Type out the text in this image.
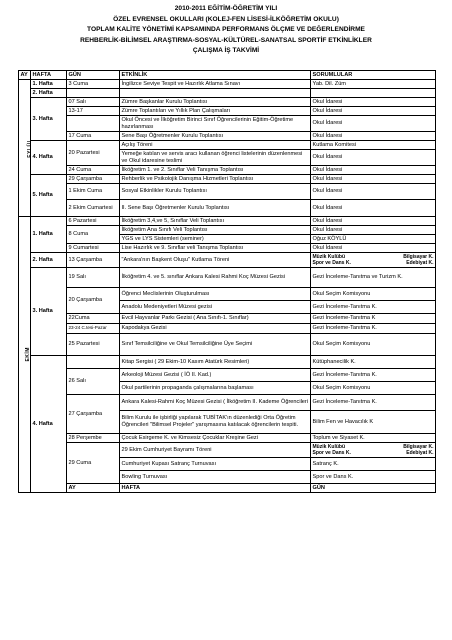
2010-2011 EĞİTİM-ÖĞRETİM YILI
ÖZEL EVRENSEL OKULLARI (KOLEJ-FEN LİSESİ-İLKÖĞRETİM OKULU)
TOPLAM KALİTE YÖNETİMİ KAPSAMINDA PERFORMANS ÖLÇME VE DEĞERLENDİRME
REHBERLİK-BİLİMSEL ARAŞTIRMA-SOSYAL-KÜLTÜREL-SANATSAL SPORTİF ETKİNLİKLER
ÇALIŞMA İŞ TAKVİMİ
AY	HAFTA	GÜN	ETKİNLİK	SORUMLULAR	
EYLÜL	1. Hafta	3 Cuma	İngilizce Seviye Tespit ve Hazırlık Atlama Sınavı	Yab. Dil. Züm	
	2. Hafta				
	3. Hafta	07 Salı	Zümre Başkanlar Kurulu Toplantısı	Okul İdaresi	
		13-17	Zümre Toplantıları ve Yıllık Plan Çalışmaları	Okul İdaresi	
			Okul Öncesi ve İlköğretim Birinci Sınıf Öğrencilerinin Eğitim-Öğretime hazırlanması	Okul İdaresi	
		17 Cuma	Sene Başı Öğretmenler Kurulu Toplantısı	Okul İdaresi	
	4. Hafta	20 Pazartesi	Açılış Töreni	Kutlama Komitesi	
			Yemeğe katılan ve servis aracı kullanan öğrenci listelerinin düzenlenmesi ve Okul idaresine teslimi	Okul İdaresi	
		24 Cuma	İlköğretim 1. ve 2. Sınıflar Veli Tanışma Toplantısı	Okul İdaresi	
	5. Hafta	29 Çarşamba	Rehberlik ve Psikolojik Danışma Hizmetleri Toplantısı	Okul İdaresi	
		1 Ekim Cuma	Sosyal Etkinlikler Kurulu Toplantısı	Okul İdaresi	
		2 Ekim Cumartesi	II. Sene Başı Öğretmenler Kurulu Toplantısı	Okul İdaresi	
EKİM	1. Hafta	6 Pazartesi	İlköğretim 3,4,ve 5, Sınıflar Veli Toplantısı	Okul İdaresi	
		8 Cuma	İlköğretim Ana Sınıfı Veli Toplantısı	Okul İdaresi	
			YGS ve LYS Sistemleri (seminer)	Oğuz KÖYLÜ	
		9 Cumartesi	Lise Hazırlık ve 9. Sınıflar veli Tanışma Toplantısı	Okul İdaresi	
	2. Hafta	13 Çarşamba	"Ankara'nın Başkent Oluşu" Kutlama Töreni	Müzik Kulübü Bilgisayar K.
Spor ve Dans K. Edebiyat K.	

	3. Hafta	19 Salı	İlköğretim 4. ve 5. sınıflar Ankara Kalesi Rahmi Koç Müzesi Gezisi	Gezi İnceleme-Tanıtma ve Turizm K.	
		20 Çarşamba	Öğrenci Meclislerinin Oluşturulması	Okul Seçim Komisyonu	
			Anadolu Medeniyetleri Müzesi gezisi	Gezi İnceleme-Tanıtma K.	
		22Cuma	Evcil Hayvanlar Parkı Gezisi ( Ana Sınıfı-1. Sınıflar)	Gezi İnceleme-Tanıtma K	
		23-24 C.tesi-Pazar	Kapodakya Gezisi	Gezi İnceleme-Tanıtma K.	
		25 Pazartesi	Sınıf Temsilciliğine ve Okul Temsilciliğine Üye Seçimi	Okul Seçim Komisyonu	
	4. Hafta		Kitap Sergisi ( 29 Ekim-10 Kasım Atatürk Resimleri)	Kütüphanecilik K.	
		26 Salı	Arkeoloji Müzesi Gezisi ( İÖ II. Kad.)	Gezi İnceleme-Tanıtma K.	
			Okul partilerinin propaganda çalışmalarına başlaması	Okul Seçim Komisyonu	
		27 Çarşamba	Ankara Kalesi-Rahmi Koç Müzesi Gezisi ( İlköğretim II. Kademe Öğrencileri	Gezi İnceleme-Tanıtma K.	
			Bilim Kurulu ile işbirliği yapılarak TUBİTAK'ın düzenlediği Orta Öğretim Öğrencileri "Bilimsel Projeler" yarışmasına katılacak öğrencilerin tespiti.	Bilim Fen ve Havacılık K	
		28 Perşembe	Çocuk Esirgeme K. ve Kimsesiz Çocuklar Kreşine Gezi	Toplum ve Siyaset K.	
		29 Cuma	29 Ekim Cumhuriyet Bayramı Töreni	Müzik Kulübü Bilgisayar K.
Spor ve Dans K. Edebiyat K.	

			Cumhuriyet Kupası Satranç Turnuvası	Satranç K.	
			Bowling Turnuvası	Spor ve Dans K.	
		AY	HAFTA	GÜN		
